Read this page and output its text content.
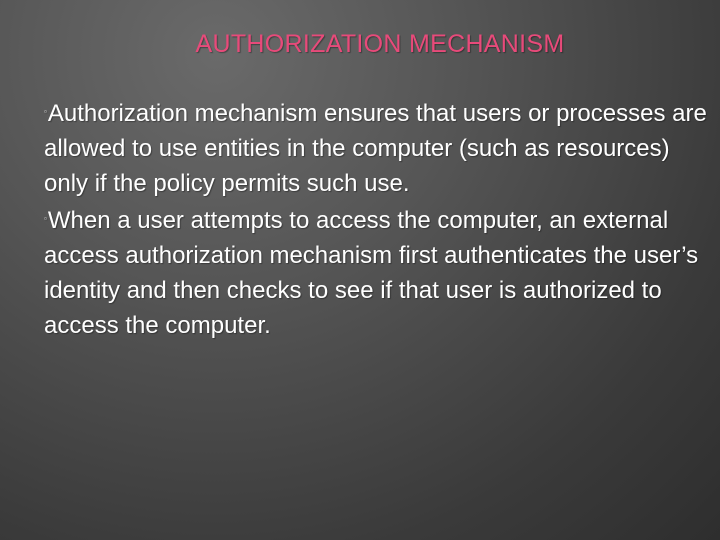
AUTHORIZATION MECHANISM

▫Authorization mechanism ensures that users or processes are allowed to use entities in the computer (such as resources) only if the policy permits such use.

▫When a user attempts to access the computer, an external access authorization mechanism first authenticates the user’s identity and then checks to see if that user is authorized to access the computer.
